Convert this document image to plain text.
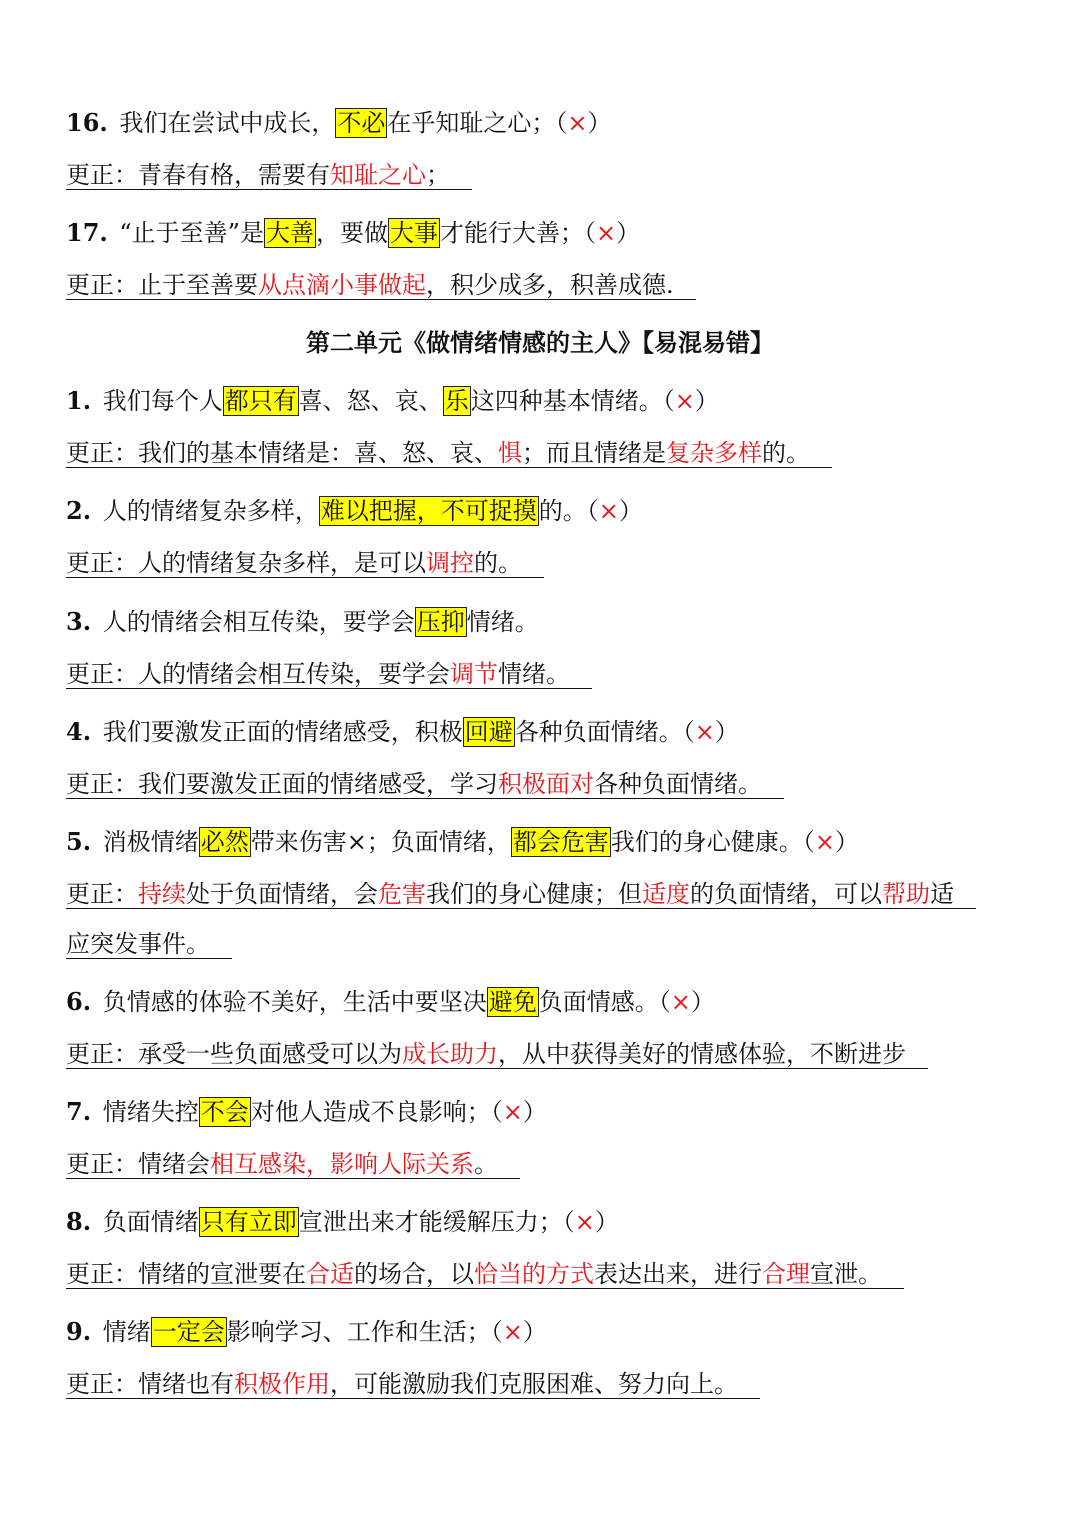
16. 我们在尝试中成长，不必在乎知耻之心；（×）
更正：青春有格，需要有知耻之心；
17. “止于至善”是大善，要做大事才能行大善；（×）
更正：止于至善要从点滴小事做起，积少成多，积善成德.
第二单元《做情绪情感的主人》【易混易错】
1. 我们每个人都只有喜、怒、哀、乐这四种基本情绪。（×）
更正：我们的基本情绪是：喜、怒、哀、惧；而且情绪是复杂多样的。
2. 人的情绪复杂多样，难以把握，不可捉摸的。（×）
更正：人的情绪复杂多样，是可以调控的。
3. 人的情绪会相互传染，要学会压抑情绪。
更正：人的情绪会相互传染，要学会调节情绪。
4. 我们要激发正面的情绪感受，积极回避各种负面情绪。（×）
更正：我们要激发正面的情绪感受，学习积极面对各种负面情绪。
5. 消极情绪必然带来伤害×；负面情绪，都会危害我们的身心健康。（×）
更正：持续处于负面情绪，会危害我们的身心健康；但适度的负面情绪，可以帮助适
应突发事件。
6. 负情感的体验不美好，生活中要坚决避免负面情感。（×）
更正：承受一些负面感受可以为成长助力，从中获得美好的情感体验，不断进步
7. 情绪失控不会对他人造成不良影响；（×）
更正：情绪会相互感染，影响人际关系。
8. 负面情绪只有立即宣泄出来才能缓解压力；（×）
更正：情绪的宣泄要在合适的场合，以恰当的方式表达出来，进行合理宣泄。
9. 情绪一定会影响学习、工作和生活；（×）
更正：情绪也有积极作用，可能激励我们克服困难、努力向上。
